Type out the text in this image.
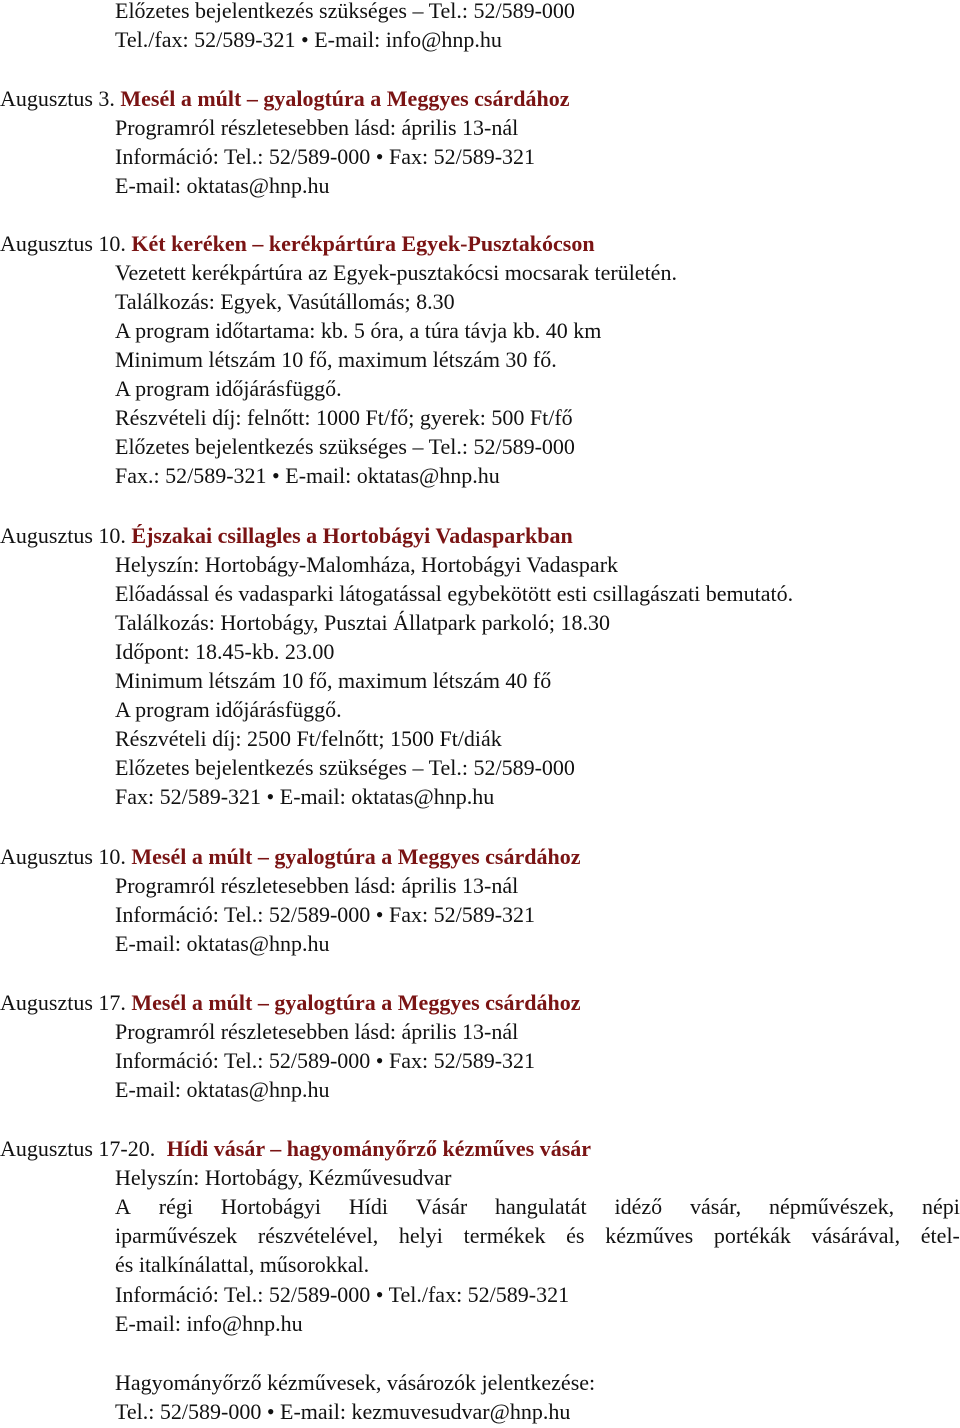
Előzetes bejelentkezés szükséges – Tel.: 52/589-000
Tel./fax: 52/589-321 • E-mail: info@hnp.hu
Augusztus 3. Mesél a múlt – gyalogtúra a Meggyes csárdához
Programról részletesebben lásd: április 13-nál
Információ: Tel.: 52/589-000 • Fax: 52/589-321
E-mail: oktatas@hnp.hu
Augusztus 10. Két keréken – kerékpártúra Egyek-Pusztakócson
Vezetett kerékpártúra az Egyek-pusztakócsi mocsarak területén.
Találkozás: Egyek, Vasútállomás; 8.30
A program időtartama: kb. 5 óra, a túra távja kb. 40 km
Minimum létszám 10 fő, maximum létszám 30 fő.
A program időjárásfüggő.
Részvételi díj: felnőtt: 1000 Ft/fő; gyerek: 500 Ft/fő
Előzetes bejelentkezés szükséges – Tel.: 52/589-000
Fax.: 52/589-321 • E-mail: oktatas@hnp.hu
Augusztus 10. Éjszakai csillagles a Hortobágyi Vadasparkban
Helyszín: Hortobágy-Malomháza, Hortobágyi Vadaspark
Előadással és vadasparki látogatással egybekötött esti csillagászati bemutató.
Találkozás: Hortobágy, Pusztai Állatpark parkoló; 18.30
Időpont: 18.45-kb. 23.00
Minimum létszám 10 fő, maximum létszám 40 fő
A program időjárásfüggő.
Részvételi díj: 2500 Ft/felnőtt; 1500 Ft/diák
Előzetes bejelentkezés szükséges – Tel.: 52/589-000
Fax: 52/589-321 • E-mail: oktatas@hnp.hu
Augusztus 10. Mesél a múlt – gyalogtúra a Meggyes csárdához
Programról részletesebben lásd: április 13-nál
Információ: Tel.: 52/589-000 • Fax: 52/589-321
E-mail: oktatas@hnp.hu
Augusztus 17. Mesél a múlt – gyalogtúra a Meggyes csárdához
Programról részletesebben lásd: április 13-nál
Információ: Tel.: 52/589-000 • Fax: 52/589-321
E-mail: oktatas@hnp.hu
Augusztus 17-20. Hídi vásár – hagyományőrző kézműves vásár
Helyszín: Hortobágy, Kézművesudvar
A régi Hortobágyi Hídi Vásár hangulatát idéző vásár, népművészek, népi
iparművészek részvételével, helyi termékek és kézműves portékák vásárával, étel-
és italkínálattal, műsorokkal.
Információ: Tel.: 52/589-000 • Tel./fax: 52/589-321
E-mail: info@hnp.hu
Hagyományőrző kézművesek, vásározók jelentkezése:
Tel.: 52/589-000 • E-mail: kezmuvesudvar@hnp.hu
